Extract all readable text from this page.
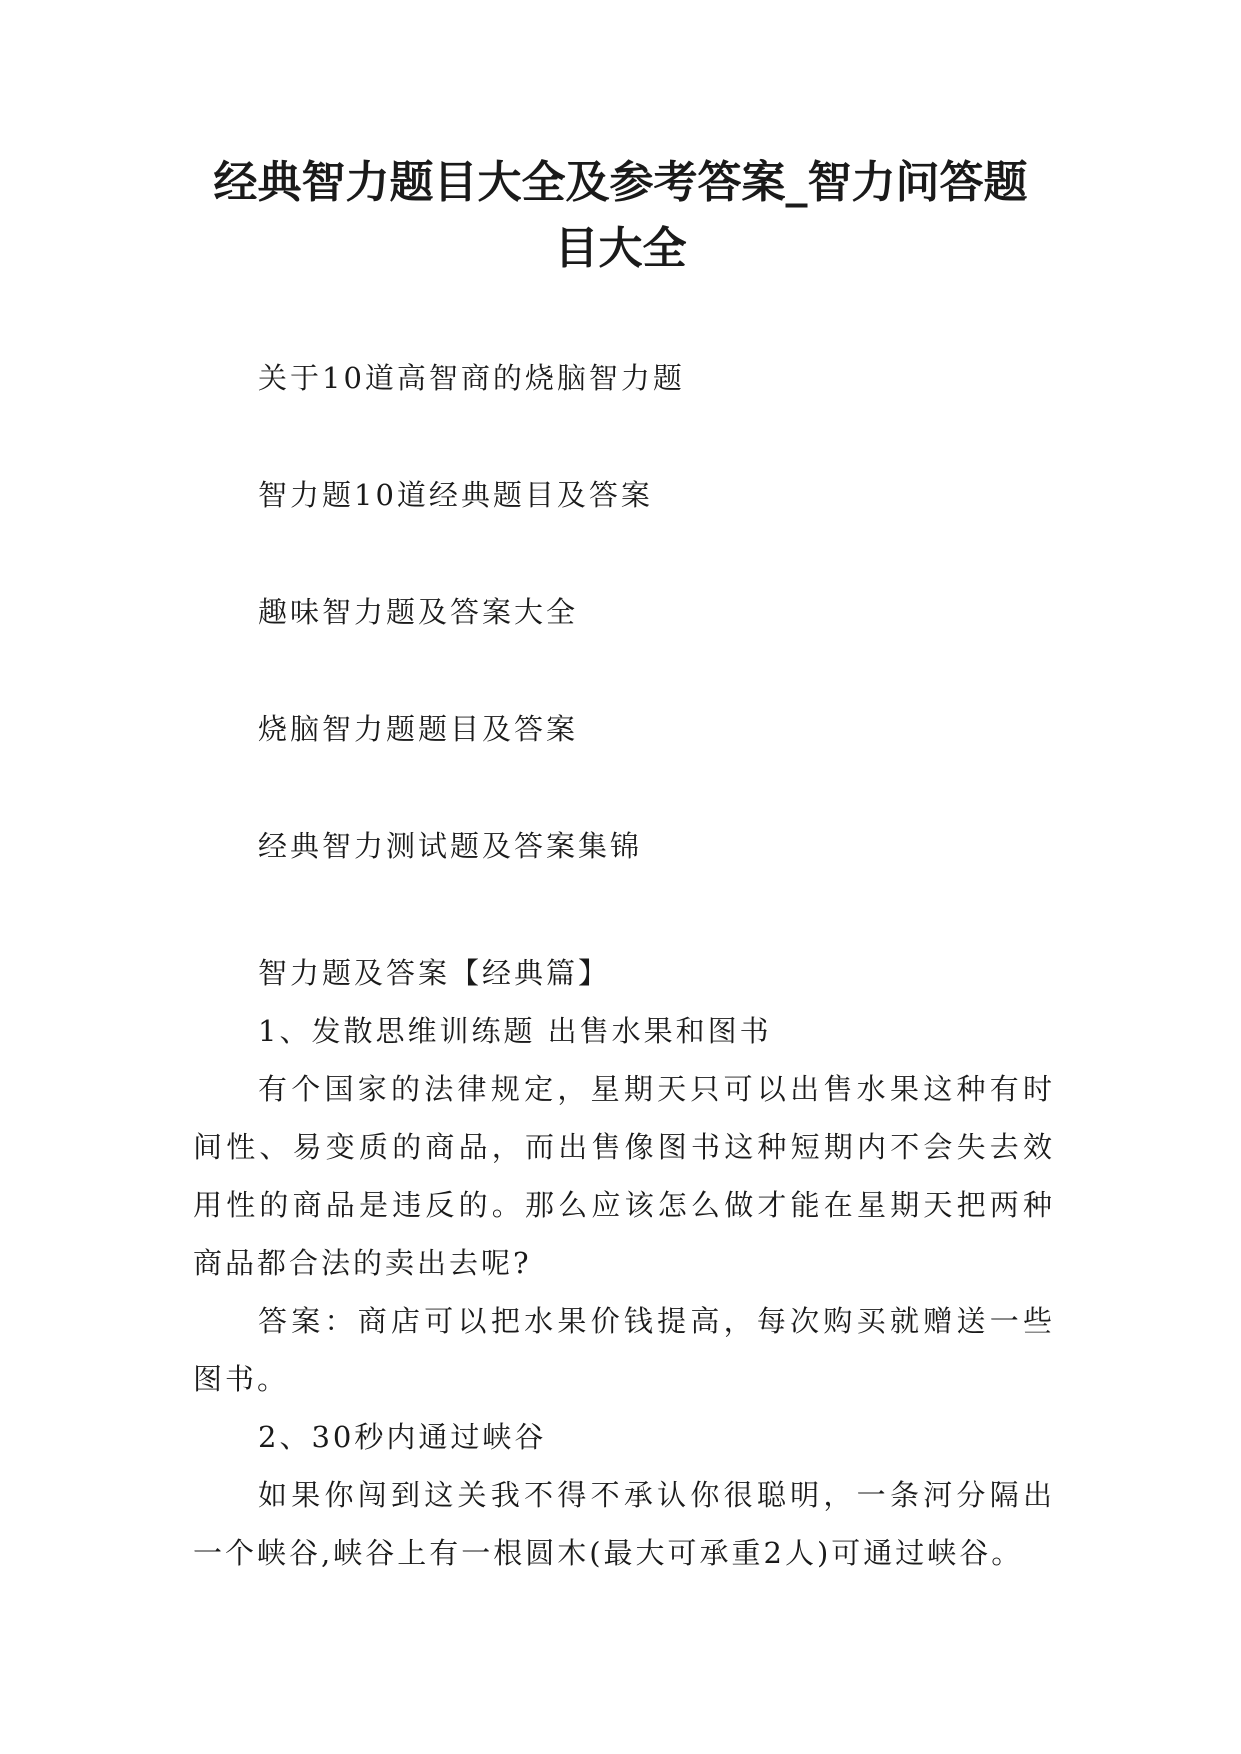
经典智力题目大全及参考答案_智力问答题
目大全
关于10道高智商的烧脑智力题
智力题10道经典题目及答案
趣味智力题及答案大全
烧脑智力题题目及答案
经典智力测试题及答案集锦

智力题及答案【经典篇】

1、发散思维训练题 出售水果和图书

有个国家的法律规定，星期天只可以出售水果这种有时间性、易变质的商品，而出售像图书这种短期内不会失去效用性的商品是违反的。那么应该怎么做才能在星期天把两种商品都合法的卖出去呢?

答案：商店可以把水果价钱提高，每次购买就赠送一些图书。

2、30秒内通过峡谷

如果你闯到这关我不得不承认你很聪明，一条河分隔出一个峡谷,峡谷上有一根圆木(最大可承重2人)可通过峡谷。
